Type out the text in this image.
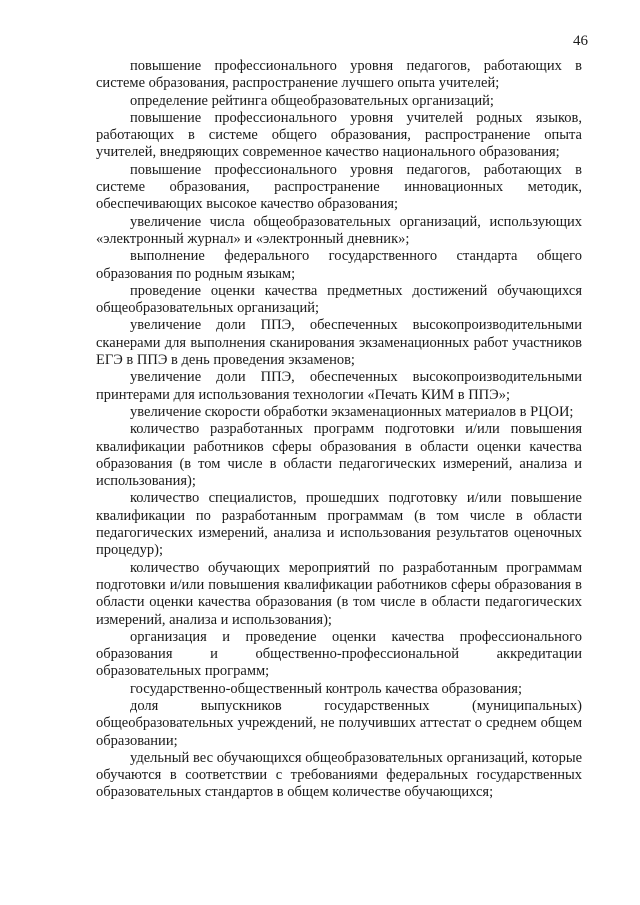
46

повышение профессионального уровня педагогов, работающих в системе образования, распространение лучшего опыта учителей;

определение рейтинга общеобразовательных организаций;

повышение профессионального уровня учителей родных языков, работающих в системе общего образования, распространение опыта учителей, внедряющих современное качество национального образования;

повышение профессионального уровня педагогов, работающих в системе образования, распространение инновационных методик, обеспечивающих высокое качество образования;

увеличение числа общеобразовательных организаций, использующих «электронный журнал» и «электронный дневник»;

выполнение федерального государственного стандарта общего образования по родным языкам;

проведение оценки качества предметных достижений обучающихся общеобразовательных организаций;

увеличение доли ППЭ, обеспеченных высокопроизводительными сканерами для выполнения сканирования экзаменационных работ участников ЕГЭ в ППЭ в день проведения экзаменов;

увеличение доли ППЭ, обеспеченных высокопроизводительными принтерами для использования технологии «Печать КИМ в ППЭ»;

увеличение скорости обработки экзаменационных материалов в РЦОИ;

количество разработанных программ подготовки и/или повышения квалификации работников сферы образования в области оценки качества образования (в том числе в области педагогических измерений, анализа и использования);

количество специалистов, прошедших подготовку и/или повышение квалификации по разработанным программам (в том числе в области педагогических измерений, анализа и использования результатов оценочных процедур);

количество обучающих мероприятий по разработанным программам подготовки и/или повышения квалификации работников сферы образования в области оценки качества образования (в том числе в области педагогических измерений, анализа и использования);

организация и проведение оценки качества профессионального образования и общественно-профессиональной аккредитации образовательных программ;

государственно-общественный контроль качества образования;

доля выпускников государственных (муниципальных) общеобразовательных учреждений, не получивших аттестат о среднем общем образовании;

удельный вес обучающихся общеобразовательных организаций, которые обучаются в соответствии с требованиями федеральных государственных образовательных стандартов в общем количестве обучающихся;
